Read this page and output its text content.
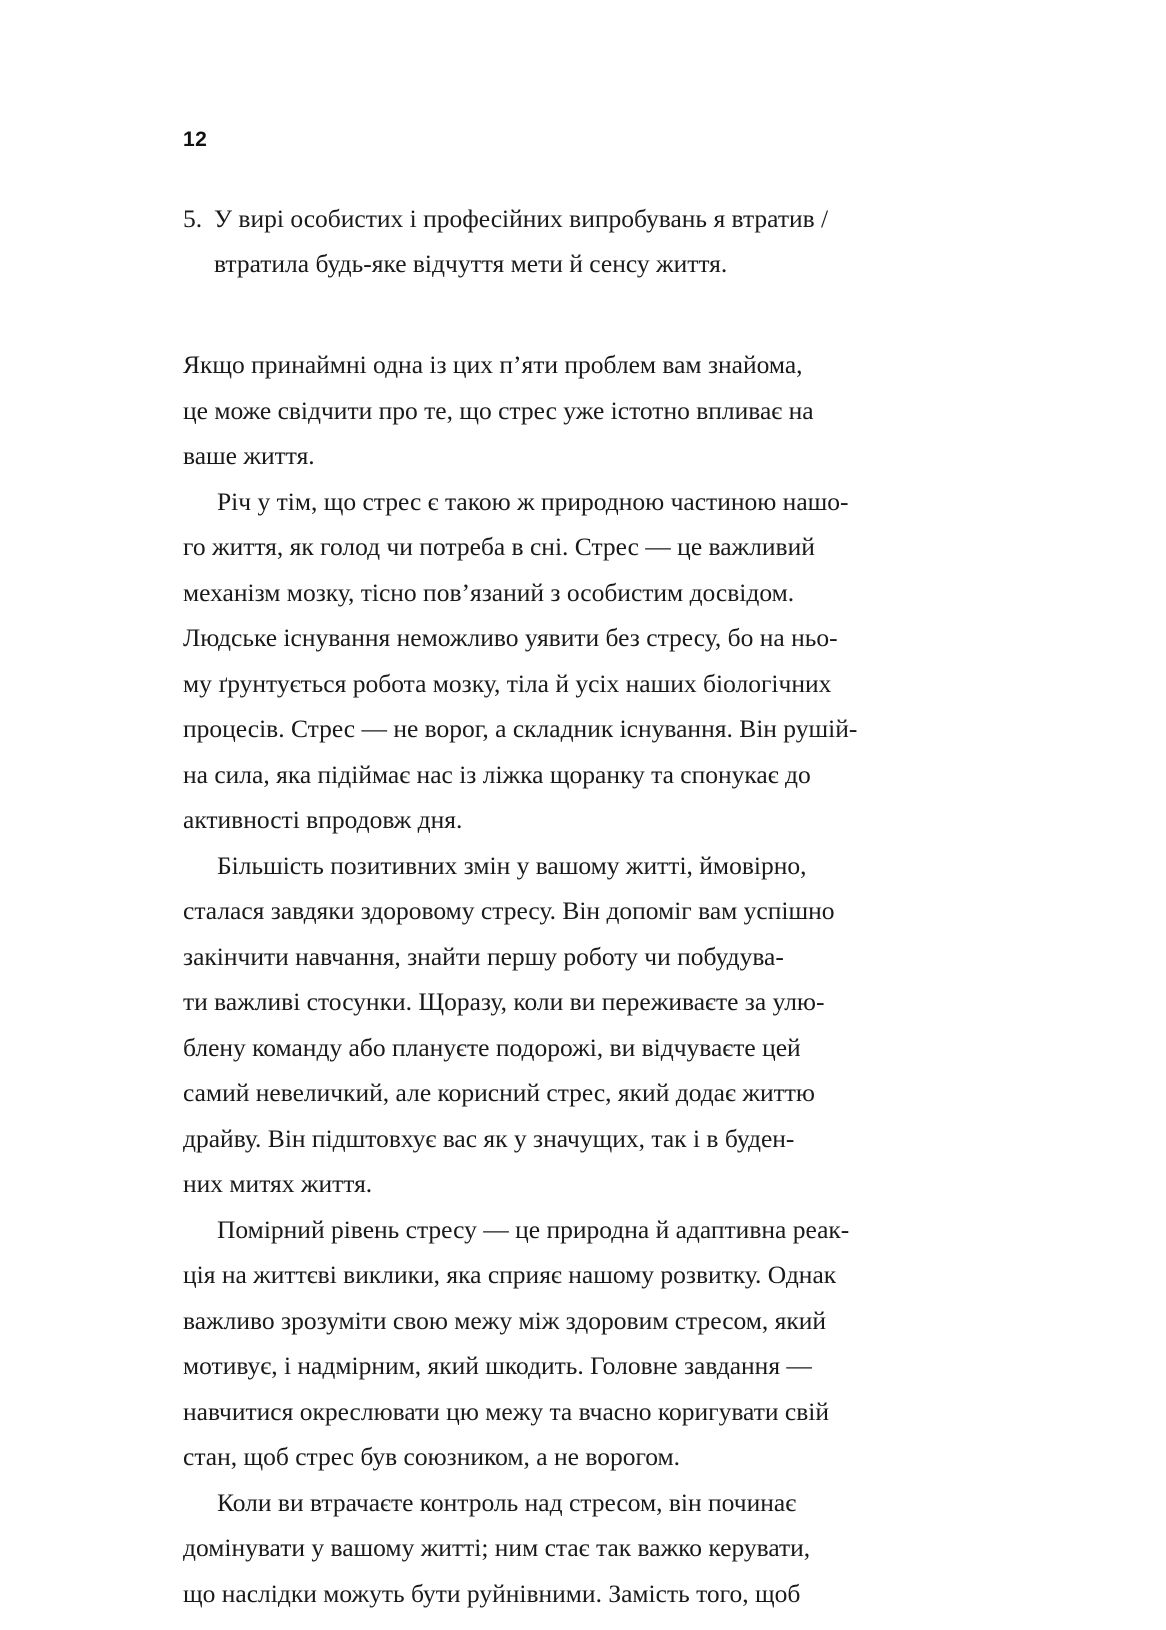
12
5. У вирі особистих і професійних випробувань я втратив /
втратила будь-яке відчуття мети й сенсу життя.

Якщо принаймні одна із цих п’яти проблем вам знайома,
це може свідчити про те, що стрес уже істотно впливає на
ваше життя.

Річ у тім, що стрес є такою ж природною частиною нашо-
го життя, як голод чи потреба в сні. Стрес — це важливий
механізм мозку, тісно пов’язаний з особистим досвідом.
Людське існування неможливо уявити без стресу, бо на ньо-
му ґрунтується робота мозку, тіла й усіх наших біологічних
процесів. Стрес — не ворог, а складник існування. Він рушій-
на сила, яка підіймає нас із ліжка щоранку та спонукає до
активності впродовж дня.

Більшість позитивних змін у вашому житті, ймовірно,
сталася завдяки здоровому стресу. Він допоміг вам успішно
закінчити навчання, знайти першу роботу чи побудува-
ти важливі стосунки. Щоразу, коли ви переживаєте за улю-
блену команду або плануєте подорожі, ви відчуваєте цей
самий невеличкий, але корисний стрес, який додає життю
драйву. Він підштовхує вас як у значущих, так і в буден-
них митях життя.

Помірний рівень стресу — це природна й адаптивна реак-
ція на життєві виклики, яка сприяє нашому розвитку. Однак
важливо зрозуміти свою межу між здоровим стресом, який
мотивує, і надмірним, який шкодить. Головне завдання —
навчитися окреслювати цю межу та вчасно коригувати свій
стан, щоб стрес був союзником, а не ворогом.

Коли ви втрачаєте контроль над стресом, він починає
домінувати у вашому житті; ним стає так важко керувати,
що наслідки можуть бути руйнівними. Замість того, щоб
